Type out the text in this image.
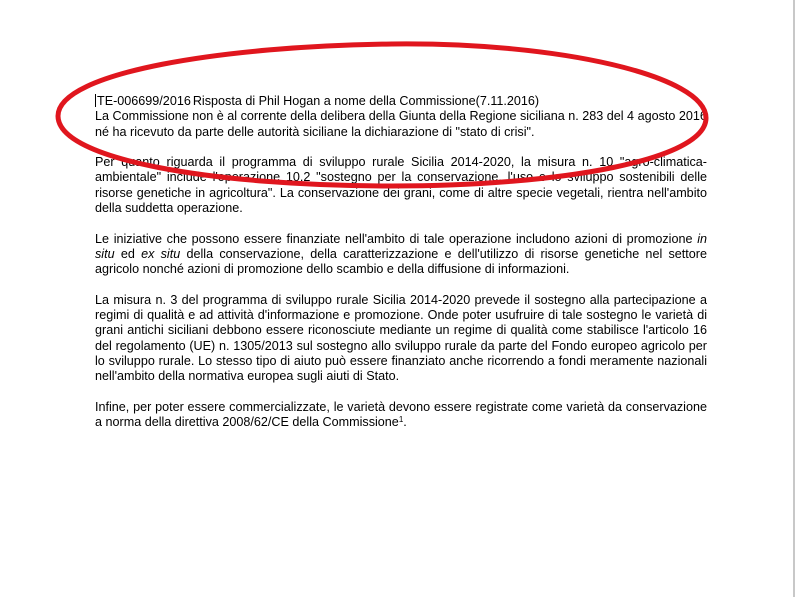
TE-006699/2016 Risposta di Phil Hogan a nome della Commissione(7.11.2016)
La Commissione non è al corrente della delibera della Giunta della Regione siciliana n. 283 del 4 agosto 2016 né ha ricevuto da parte delle autorità siciliane la dichiarazione di "stato di crisi".

Per quanto riguarda il programma di sviluppo rurale Sicilia 2014-2020, la misura n. 10 "agro-climatica-ambientale" include l'operazione 10.2 "sostegno per la conservazione, l'uso e lo sviluppo sostenibili delle risorse genetiche in agricoltura". La conservazione dei grani, come di altre specie vegetali, rientra nell'ambito della suddetta operazione.

Le iniziative che possono essere finanziate nell'ambito di tale operazione includono azioni di promozione in situ ed ex situ della conservazione, della caratterizzazione e dell'utilizzo di risorse genetiche nel settore agricolo nonché azioni di promozione dello scambio e della diffusione di informazioni.

La misura n. 3 del programma di sviluppo rurale Sicilia 2014-2020 prevede il sostegno alla partecipazione a regimi di qualità e ad attività d'informazione e promozione. Onde poter usufruire di tale sostegno le varietà di grani antichi siciliani debbono essere riconosciute mediante un regime di qualità come stabilisce l'articolo 16 del regolamento (UE) n. 1305/2013 sul sostegno allo sviluppo rurale da parte del Fondo europeo agricolo per lo sviluppo rurale. Lo stesso tipo di aiuto può essere finanziato anche ricorrendo a fondi meramente nazionali nell'ambito della normativa europea sugli aiuti di Stato.

Infine, per poter essere commercializzate, le varietà devono essere registrate come varietà da conservazione a norma della direttiva 2008/62/CE della Commissione$^1$.
